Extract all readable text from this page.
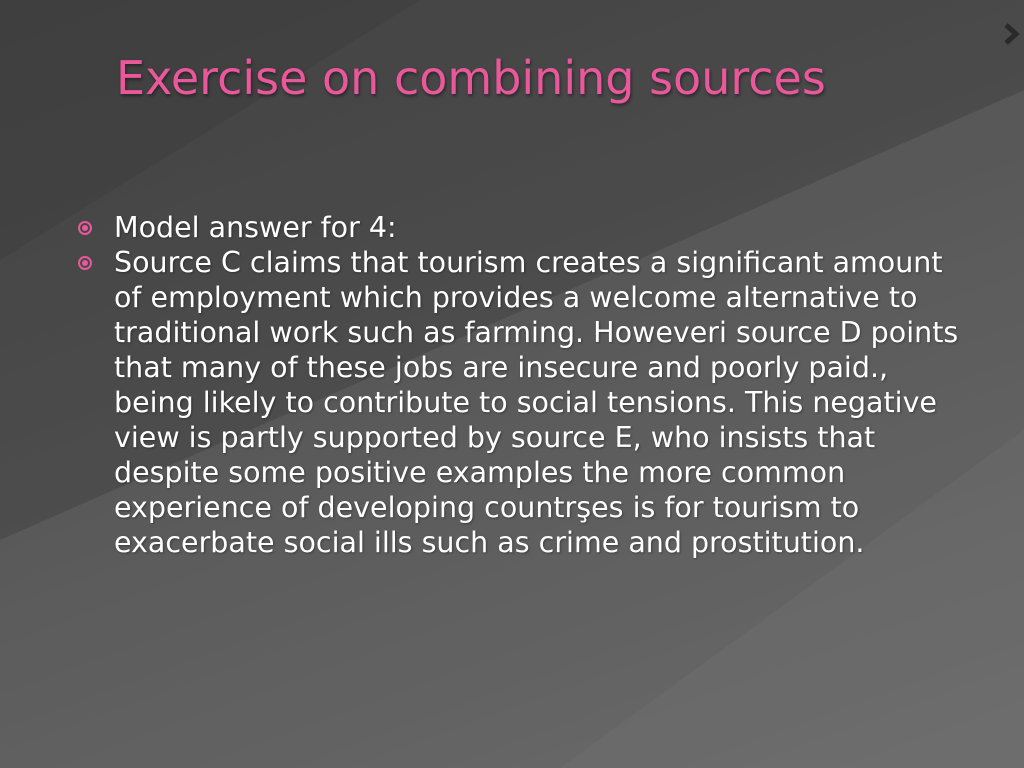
Exercise on combining sources
Model answer for 4:
Source C claims that tourism creates a significant amount of employment which provides a welcome alternative to traditional work such as farming. Howeveri source D points that many of these jobs are insecure and poorly paid., being likely to contribute to social tensions. This negative view is partly supported by source E, who insists that despite some positive examples the more common experience of developing countrşes is for tourism to exacerbate social ills such as crime and prostitution.
